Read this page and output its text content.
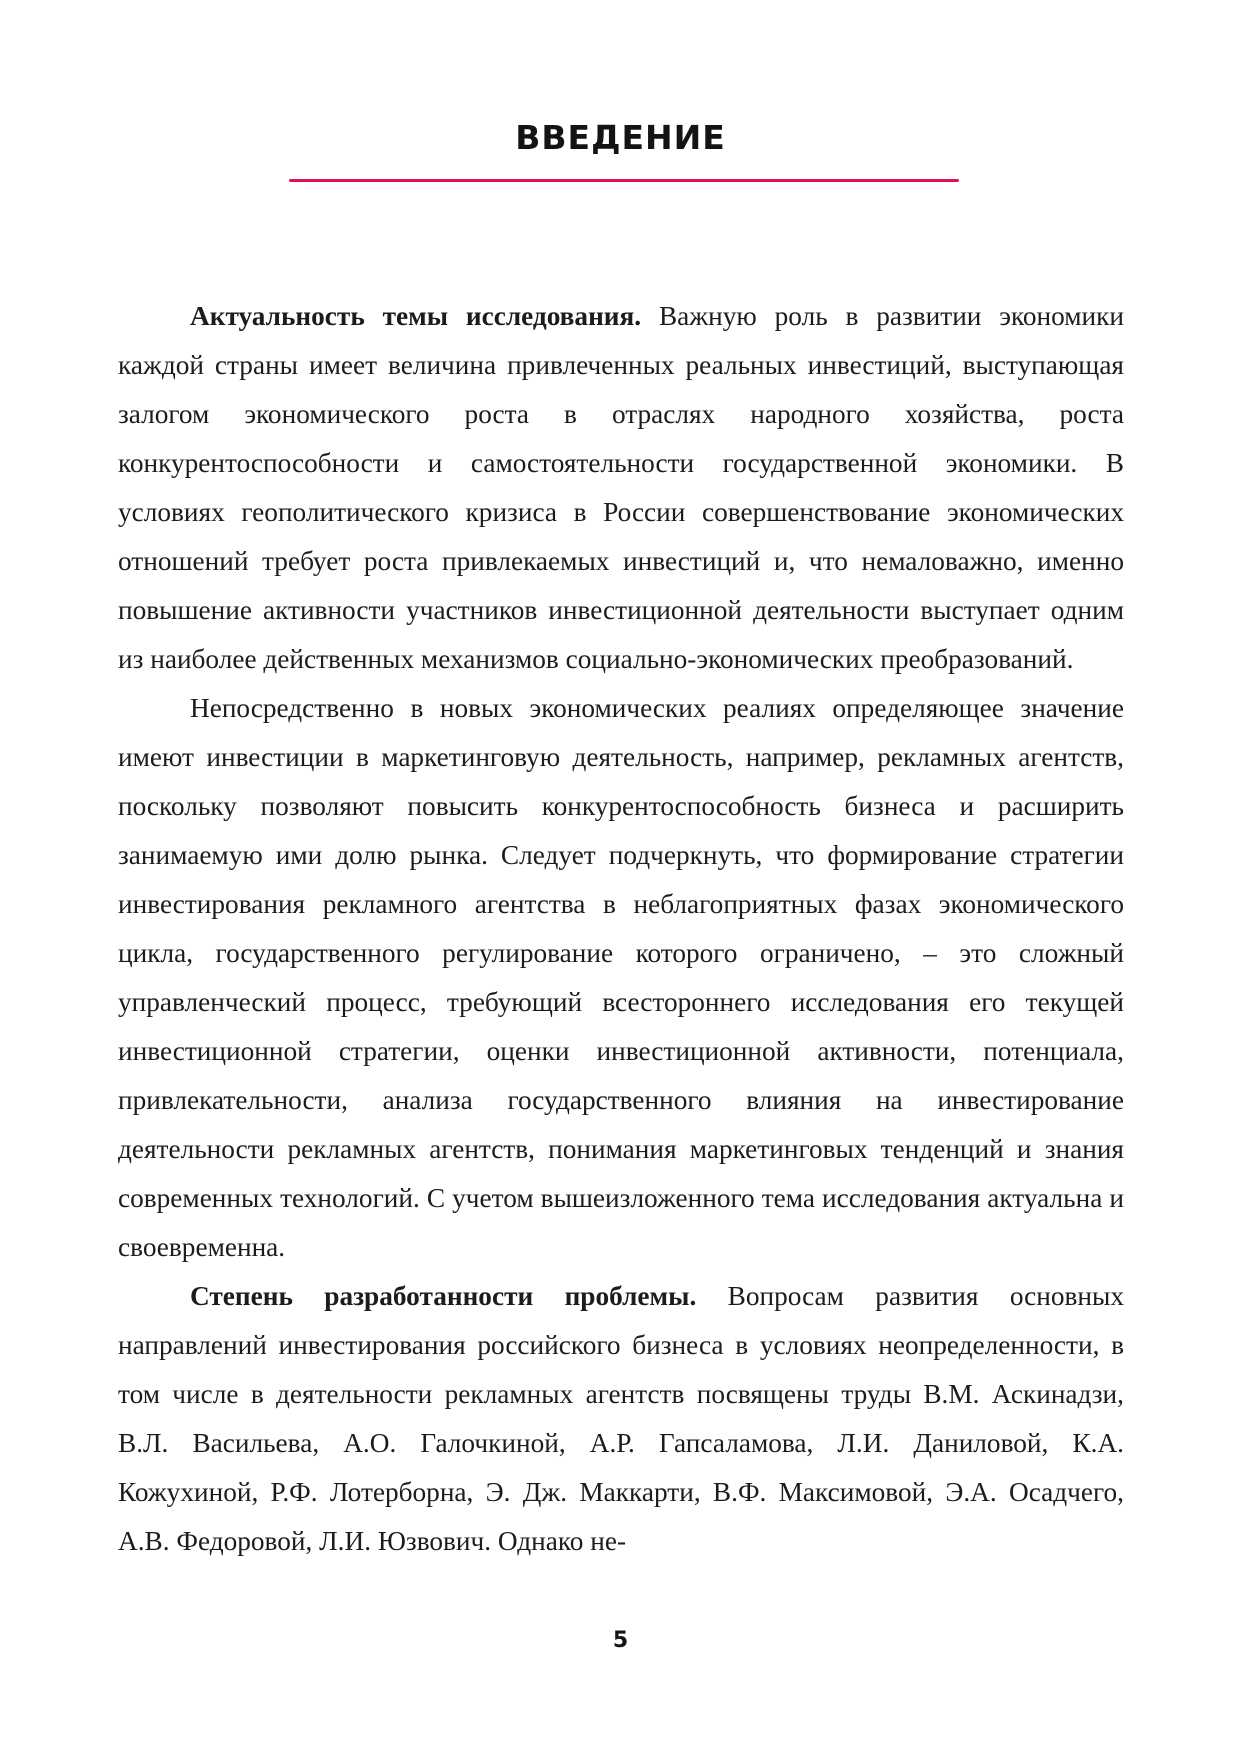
ВВЕДЕНИЕ

Актуальность темы исследования. Важную роль в развитии экономики каждой страны имеет величина привлеченных реальных инвестиций, выступающая залогом экономического роста в отраслях народного хозяйства, роста конкурентоспособности и самостоятельности государственной экономики. В условиях геополитического кризиса в России совершенствование экономических отношений требует роста привлекаемых инвестиций и, что немаловажно, именно повышение активности участников инвестиционной деятельности выступает одним из наиболее действенных механизмов социально-экономических преобразований.

Непосредственно в новых экономических реалиях определяющее значение имеют инвестиции в маркетинговую деятельность, например, рекламных агентств, поскольку позволяют повысить конкурентоспособность бизнеса и расширить занимаемую ими долю рынка. Следует подчеркнуть, что формирование стратегии инвестирования рекламного агентства в неблагоприятных фазах экономического цикла, государственного регулирование которого ограничено, – это сложный управленческий процесс, требующий всестороннего исследования его текущей инвестиционной стратегии, оценки инвестиционной активности, потенциала, привлекательности, анализа государственного влияния на инвестирование деятельности рекламных агентств, понимания маркетинговых тенденций и знания современных технологий. С учетом вышеизложенного тема исследования актуальна и своевременна.

Степень разработанности проблемы. Вопросам развития основных направлений инвестирования российского бизнеса в условиях неопределенности, в том числе в деятельности рекламных агентств посвящены труды В.М. Аскинадзи, В.Л. Васильева, А.О. Галочкиной, А.Р. Гапсаламова, Л.И. Даниловой, К.А. Кожухиной, Р.Ф. Лотерборна, Э. Дж. Маккарти, В.Ф. Максимовой, Э.А. Осадчего, А.В. Федоровой, Л.И. Юзвович. Однако не-

5
